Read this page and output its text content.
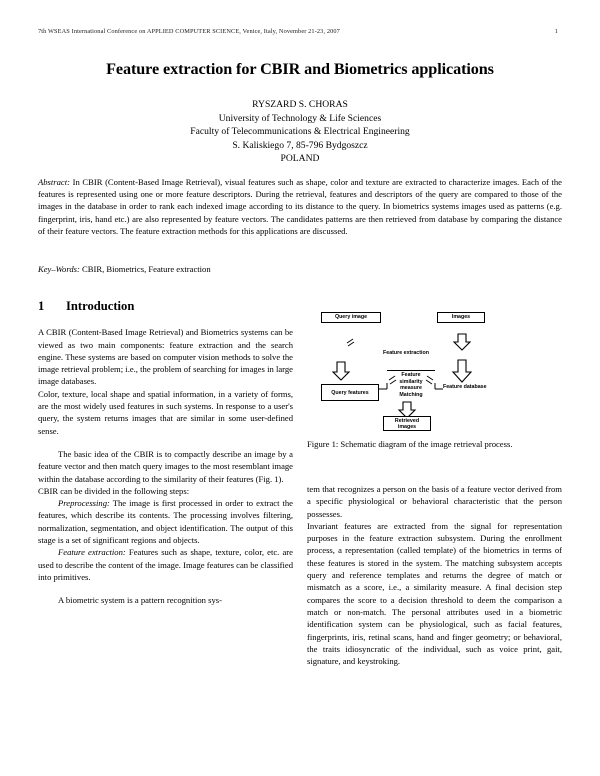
7th WSEAS International Conference on APPLIED COMPUTER SCIENCE, Venice, Italy, November 21-23, 2007	1
Feature extraction for CBIR and Biometrics applications
RYSZARD S. CHORAS
University of Technology & Life Sciences
Faculty of Telecommunications & Electrical Engineering
S. Kaliskiego 7, 85-796 Bydgoszcz
POLAND
Abstract: In CBIR (Content-Based Image Retrieval), visual features such as shape, color and texture are extracted to characterize images. Each of the features is represented using one or more feature descriptors. During the retrieval, features and descriptors of the query are compared to those of the images in the database in order to rank each indexed image according to its distance to the query. In biometrics systems images used as patterns (e.g. fingerprint, iris, hand etc.) are also represented by feature vectors. The candidates patterns are then retrieved from database by comparing the distance of their feature vectors. The feature extraction methods for this applications are discussed.
Key–Words: CBIR, Biometrics, Feature extraction
1	Introduction

A CBIR (Content-Based Image Retrieval) and Biometrics systems can be viewed as two main components: feature extraction and the search engine. These systems are based on computer vision methods to solve the image retrieval problem; i.e., the problem of searching for images in large image databases.

Color, texture, local shape and spatial information, in a variety of forms, are the most widely used features in such systems. In response to a user's query, the system returns images that are similar in some user-defined sense.

The basic idea of the CBIR is to compactly describe an image by a feature vector and then match query images to the most resemblant image within the database according to the similarity of their features (Fig. 1).

CBIR can be divided in the following steps:

Preprocessing: The image is first processed in order to extract the features, which describe its contents. The processing involves filtering, normalization, segmentation, and object identification. The output of this stage is a set of significant regions and objects.

Feature extraction: Features such as shape, texture, color, etc. are used to describe the content of the image. Image features can be classified into primitives.

A biometric system is a pattern recognition sys-

Query image	Images
Feature extraction
Query features
Feature
similarity
measure
Matching
Feature database
Retrieved images
Figure 1: Schematic diagram of the image retrieval process.

tem that recognizes a person on the basis of a feature vector derived from a specific physiological or behavioral characteristic that the person possesses.

Invariant features are extracted from the signal for representation purposes in the feature extraction subsystem. During the enrollment process, a representation (called template) of the biometrics in terms of these features is stored in the system. The matching subsystem accepts query and reference templates and returns the degree of match or mismatch as a score, i.e., a similarity measure. A final decision step compares the score to a decision threshold to deem the comparison a match or non-match. The personal attributes used in a biometric identification system can be physiological, such as facial features, fingerprints, iris, retinal scans, hand and finger geometry; or behavioral, the traits idiosyncratic of the individual, such as voice print, gait, signature, and keystroking.
